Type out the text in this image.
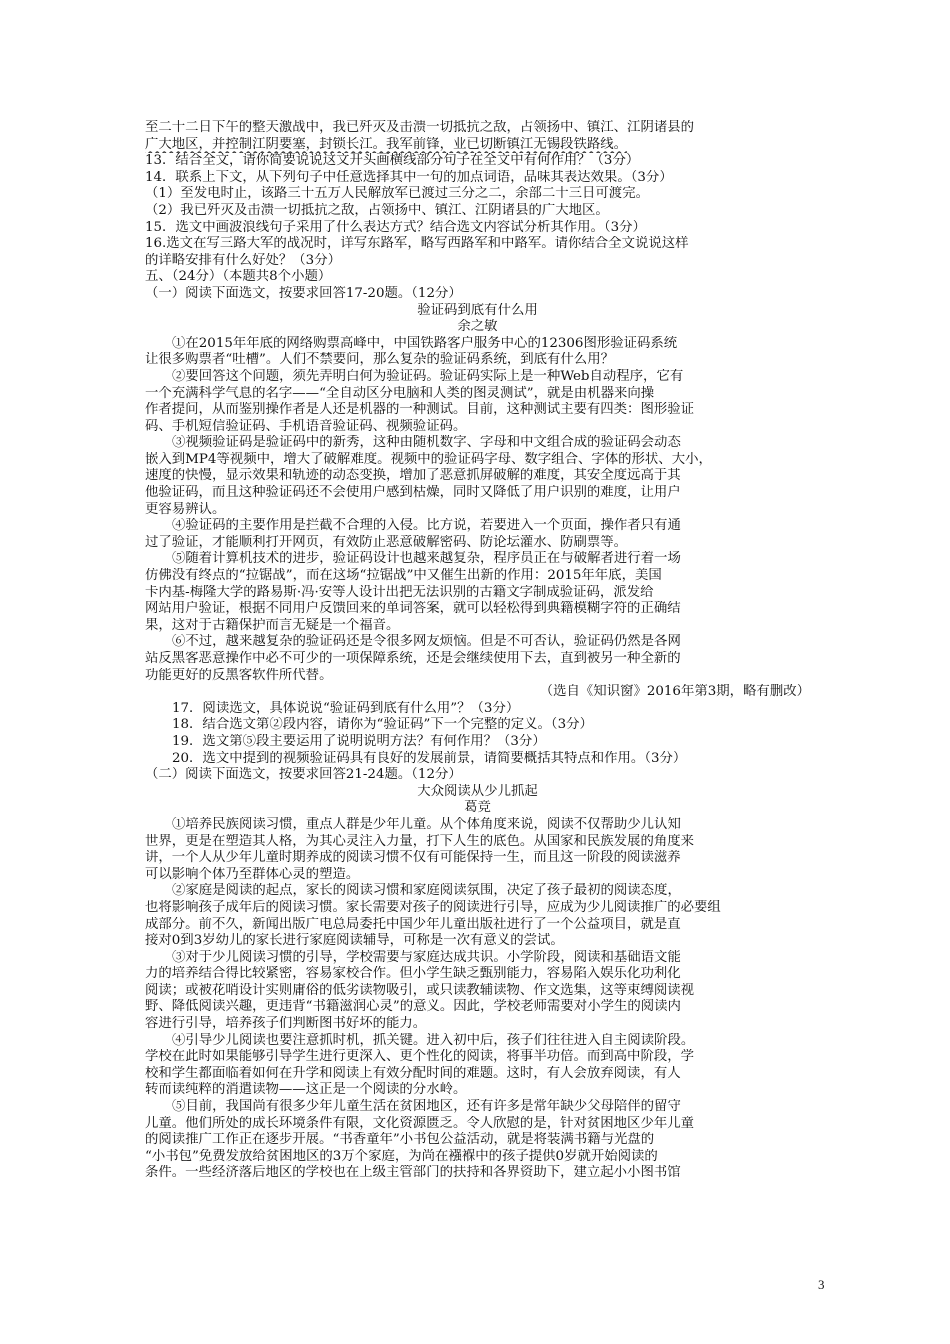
至二十二日下午的整天激战中，我已歼灭及击溃一切抵抗之敌，占领扬中、镇江、江阴诸县的
广大地区，并控制江阴要塞，封锁长江。我军前锋，业已切断镇江无锡段铁路线。
13．结合全文，请你简要说说这文开头画横线部分句子在全文中有何作用？（3分）
14．联系上下文，从下列句子中任意选择其中一句的加点词语，品味其表达效果。（3分）
（1）至发电时止，该路三十五万人民解放军已渡过三分之二，余部二十三日可渡完。
（2）我已歼灭及击溃一切抵抗之敌，占领扬中、镇江、江阴诸县的广大地区。
15．选文中画波浪线句子采用了什么表达方式？结合选文内容试分析其作用。（3分）
16.选文在写三路大军的战况时，详写东路军，略写西路军和中路军。请你结合全文说说这样
的详略安排有什么好处？（3分）
五、（24分）（本题共8个小题）
（一）阅读下面选文，按要求回答17-20题。（12分）
验证码到底有什么用
余之敏
①在2015年年底的网络购票高峰中，中国铁路客户服务中心的12306图形验证码系统
让很多购票者“吐槽”。人们不禁要问，那么复杂的验证码系统，到底有什么用？
②要回答这个问题，须先弄明白何为验证码。验证码实际上是一种Web自动程序，它有
一个充满科学气息的名字——“全自动区分电脑和人类的图灵测试”，就是由机器来向操
作者提问，从而鉴别操作者是人还是机器的一种测试。目前，这种测试主要有四类：图形验证
码、手机短信验证码、手机语音验证码、视频验证码。
③视频验证码是验证码中的新秀，这种由随机数字、字母和中文组合成的验证码会动态
嵌入到MP4等视频中，增大了破解难度。视频中的验证码字母、数字组合、字体的形状、大小，
速度的快慢，显示效果和轨迹的动态变换，增加了恶意抓屏破解的难度，其安全度远高于其
他验证码，而且这种验证码还不会使用户感到枯燥，同时又降低了用户识别的难度，让用户
更容易辨认。
④验证码的主要作用是拦截不合理的入侵。比方说，若要进入一个页面，操作者只有通
过了验证，才能顺利打开网页，有效防止恶意破解密码、防论坛灌水、防刷票等。
⑤随着计算机技术的进步，验证码设计也越来越复杂，程序员正在与破解者进行着一场
仿佛没有终点的“拉锯战”，而在这场“拉锯战”中又催生出新的作用：2015年年底，美国
卡内基-梅隆大学的路易斯·冯·安等人设计出把无法识别的古籍文字制成验证码，派发给
网站用户验证，根据不同用户反馈回来的单词答案，就可以轻松得到典籍模糊字符的正确结
果，这对于古籍保护而言无疑是一个福音。
⑥不过，越来越复杂的验证码还是令很多网友烦恼。但是不可否认，验证码仍然是各网
站反黑客恶意操作中必不可少的一项保障系统，还是会继续使用下去，直到被另一种全新的
功能更好的反黑客软件所代替。
（选自《知识窗》2016年第3期，略有删改）
17．阅读选文，具体说说“验证码到底有什么用”？（3分）
18．结合选文第②段内容，请你为“验证码”下一个完整的定义。（3分）
19．选文第⑤段主要运用了说明说明方法？有何作用？（3分）
20．选文中提到的视频验证码具有良好的发展前景，请简要概括其特点和作用。（3分）
（二）阅读下面选文，按要求回答21-24题。（12分）
大众阅读从少儿抓起
葛竞
①培养民族阅读习惯，重点人群是少年儿童。从个体角度来说，阅读不仅帮助少儿认知
世界，更是在塑造其人格，为其心灵注入力量，打下人生的底色。从国家和民族发展的角度来
讲，一个人从少年儿童时期养成的阅读习惯不仅有可能保持一生，而且这一阶段的阅读滋养
可以影响个体乃至群体心灵的塑造。
②家庭是阅读的起点，家长的阅读习惯和家庭阅读氛围，决定了孩子最初的阅读态度，
也将影响孩子成年后的阅读习惯。家长需要对孩子的阅读进行引导，应成为少儿阅读推广的必要组
成部分。前不久，新闻出版广电总局委托中国少年儿童出版社进行了一个公益项目，就是直
接对0到3岁幼儿的家长进行家庭阅读辅导，可称是一次有意义的尝试。
③对于少儿阅读习惯的引导，学校需要与家庭达成共识。小学阶段，阅读和基础语文能
力的培养结合得比较紧密，容易家校合作。但小学生缺乏甄别能力，容易陷入娱乐化功利化
阅读；或被花哨设计实则庸俗的低劣读物吸引，或只读教辅读物、作文选集，这等束缚阅读视
野、降低阅读兴趣，更违背“书籍滋润心灵”的意义。因此，学校老师需要对小学生的阅读内
容进行引导，培养孩子们判断图书好坏的能力。
④引导少儿阅读也要注意抓时机，抓关键。进入初中后，孩子们往往进入自主阅读阶段。
学校在此时如果能够引导学生进行更深入、更个性化的阅读，将事半功倍。而到高中阶段，学
校和学生都面临着如何在升学和阅读上有效分配时间的难题。这时，有人会放弃阅读，有人
转而读纯粹的消遣读物——这正是一个阅读的分水岭。
⑤目前，我国尚有很多少年儿童生活在贫困地区，还有许多是常年缺少父母陪伴的留守
儿童。他们所处的成长环境条件有限，文化资源匮乏。令人欣慰的是，针对贫困地区少年儿童
的阅读推广工作正在逐步开展。“书香童年”小书包公益活动，就是将装满书籍与光盘的
“小书包”免费发放给贫困地区的3万个家庭，为尚在襁褓中的孩子提供0岁就开始阅读的
条件。一些经济落后地区的学校也在上级主管部门的扶持和各界资助下，建立起小小图书馆
3
